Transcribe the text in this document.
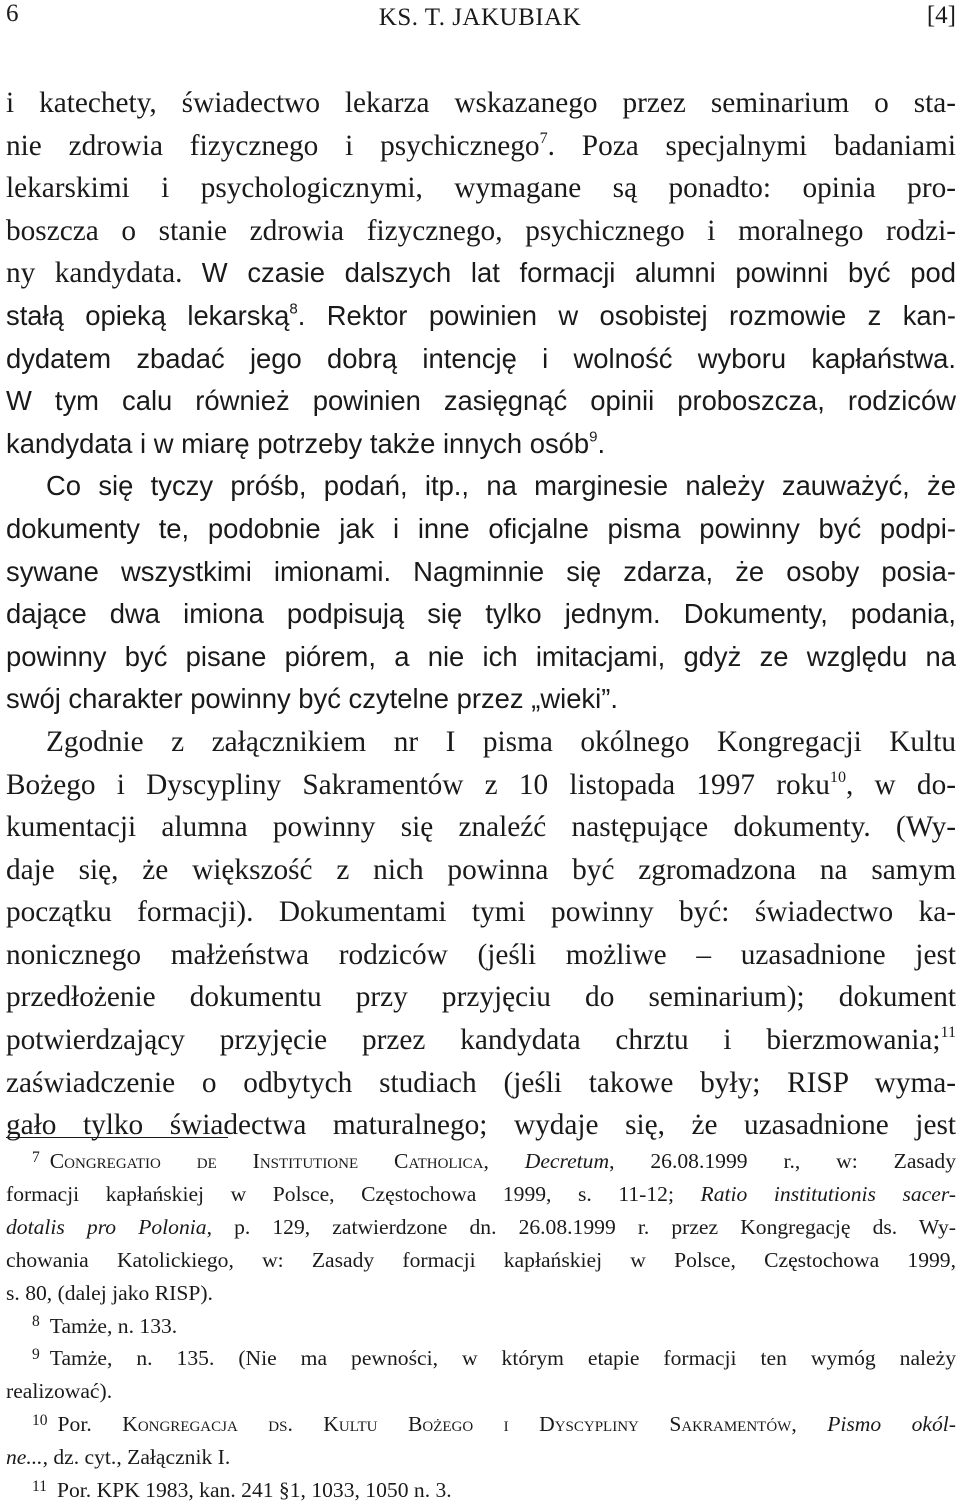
6	KS. T. JAKUBIAK	[4]
i katechety, świadectwo lekarza wskazanego przez seminarium o sta-
nie zdrowia fizycznego i psychicznego$^7$. Poza specjalnymi badaniami
lekarskimi i psychologicznymi, wymagane są ponadto: opinia pro-
boszcza o stanie zdrowia fizycznego, psychicznego i moralnego rodzi-
ny kandydata. W czasie dalszych lat formacji alumni powinni być pod
stałą opieką lekarską$^8$. Rektor powinien w osobistej rozmowie z kan-
dydatem zbadać jego dobrą intencję i wolność wyboru kapłaństwa.
W tym calu również powinien zasięgnąć opinii proboszcza, rodziców
kandydata i w miarę potrzeby także innych osób$^9$.
Co się tyczy próśb, podań, itp., na marginesie należy zauważyć, że
dokumenty te, podobnie jak i inne oficjalne pisma powinny być podpi-
sywane wszystkimi imionami. Nagminnie się zdarza, że osoby posia-
dające dwa imiona podpisują się tylko jednym. Dokumenty, podania,
powinny być pisane piórem, a nie ich imitacjami, gdyż ze względu na
swój charakter powinny być czytelne przez „wieki”.
Zgodnie z załącznikiem nr I pisma okólnego Kongregacji Kultu
Bożego i Dyscypliny Sakramentów z 10 listopada 1997 roku$^{10}$, w do-
kumentacji alumna powinny się znaleźć następujące dokumenty. (Wy-
daje się, że większość z nich powinna być zgromadzona na samym
początku formacji). Dokumentami tymi powinny być: świadectwo ka-
nonicznego małżeństwa rodziców (jeśli możliwe – uzasadnione jest
przedłożenie dokumentu przy przyjęciu do seminarium); dokument
potwierdzający przyjęcie przez kandydata chrztu i bierzmowania;$^{11}$
zaświadczenie o odbytych studiach (jeśli takowe były; RISP wyma-
gało tylko świadectwa maturalnego; wydaje się, że uzasadnione jest
$^7$ Congregatio de Institutione Catholica, Decretum, 26.08.1999 r., w: Zasady
formacji kapłańskiej w Polsce, Częstochowa 1999, s. 11-12; Ratio institutionis sacer-
dotalis pro Polonia, p. 129, zatwierdzone dn. 26.08.1999 r. przez Kongregację ds. Wy-
chowania Katolickiego, w: Zasady formacji kapłańskiej w Polsce, Częstochowa 1999,
s. 80, (dalej jako RISP).
$^8$ Tamże, n. 133.
$^9$ Tamże, n. 135. (Nie ma pewności, w którym etapie formacji ten wymóg należy
realizować).
$^{10}$ Por. Kongregacja ds. Kultu Bożego i Dyscypliny Sakramentów, Pismo okól-
ne..., dz. cyt., Załącznik I.
$^{11}$ Por. KPK 1983, kan. 241 §1, 1033, 1050 n. 3.
